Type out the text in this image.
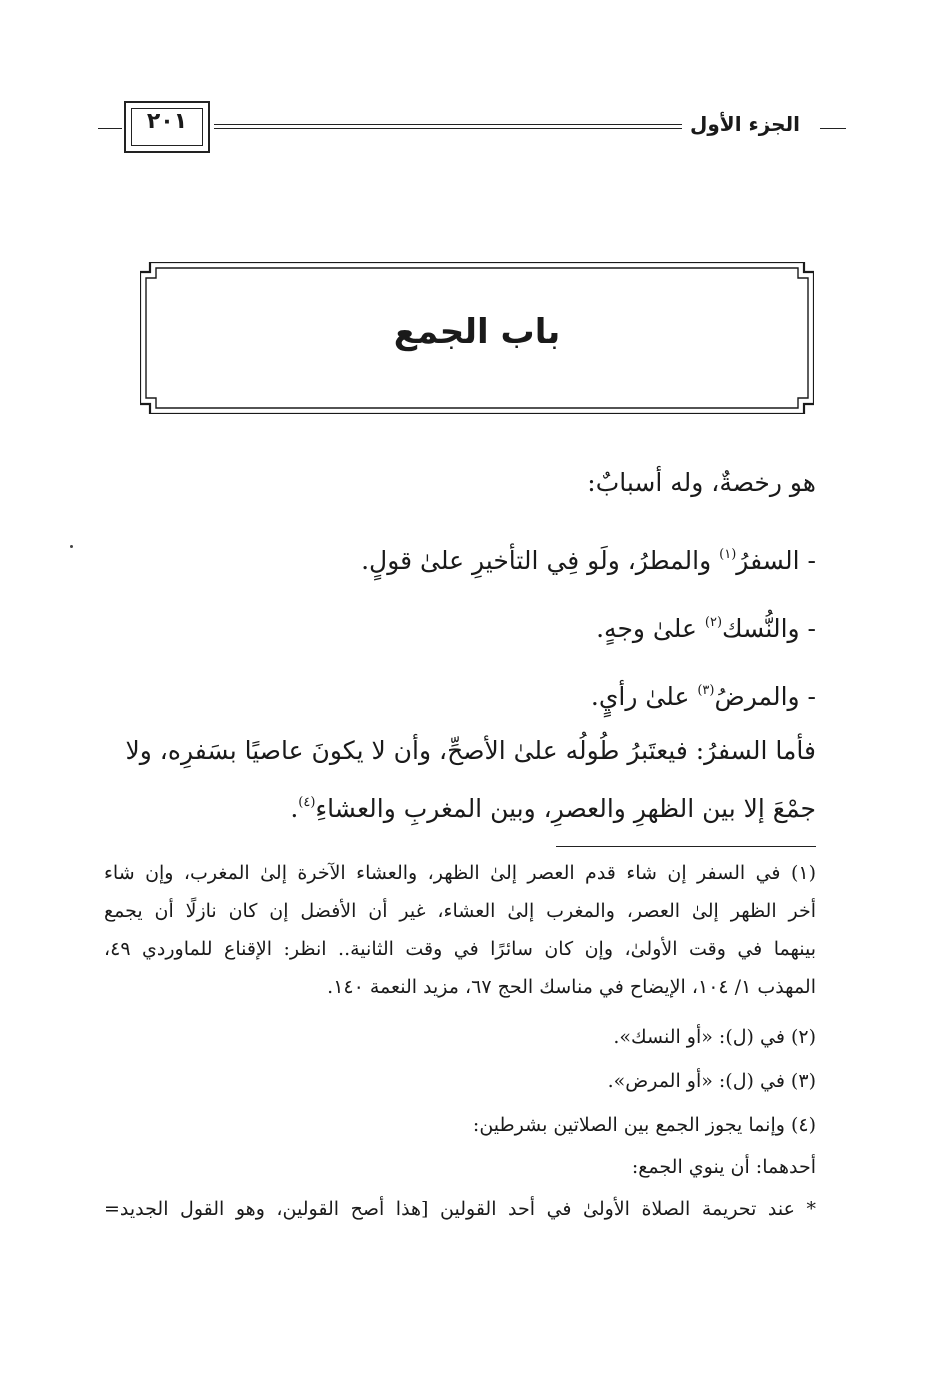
الجزء الأول
٢٠١
باب الجمع
هو رخصةٌ، وله أسبابٌ:
- السفرُ$^{(١)}$ والمطرُ، ولَو فِي التأخيرِ علىٰ قولٍ.
- والنُّسك$^{(٢)}$ علىٰ وجهٍ.
- والمرضُ$^{(٣)}$ علىٰ رأيٍ.
فأما السفرُ: فيعتَبرُ طُولُه علىٰ الأصحِّ، وأن لا يكونَ عاصيًا بسَفرِه، ولا
جمْعَ إلا بين الظهرِ والعصرِ، وبين المغربِ والعشاءِ$^{(٤)}$.
(١) في السفر إن شاء قدم العصر إلىٰ الظهر، والعشاء الآخرة إلىٰ المغرب، وإن شاء
أخر الظهر إلىٰ العصر، والمغرب إلىٰ العشاء، غير أن الأفضل إن كان نازلًا أن يجمع
بينهما في وقت الأولىٰ، وإن كان سائرًا في وقت الثانية.. انظر: الإقناع للماوردي ٤٩،
المهذب ١/ ١٠٤، الإيضاح في مناسك الحج ٦٧، مزيد النعمة ١٤٠.
(٢) في (ل): «أو النسك».
(٣) في (ل): «أو المرض».
(٤) وإنما يجوز الجمع بين الصلاتين بشرطين:
أحدهما: أن ينوي الجمع:
* عند تحريمة الصلاة الأولىٰ في أحد القولين [هذا أصح القولين، وهو القول الجديد=
